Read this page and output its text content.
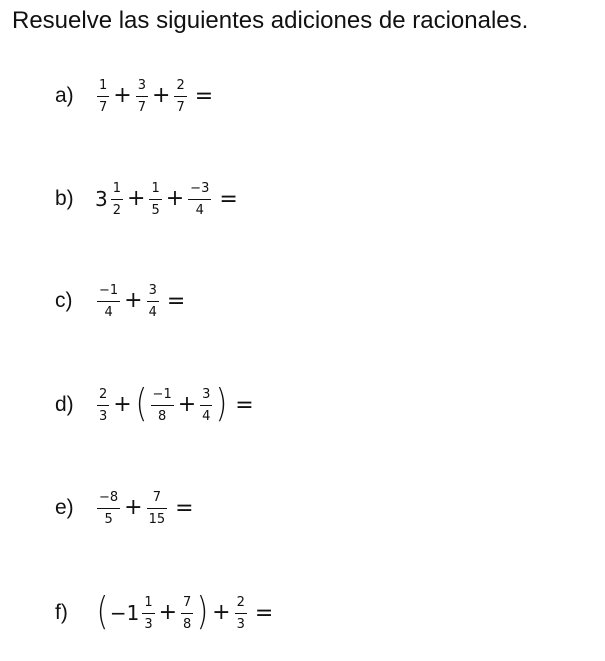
Resuelve las siguientes adiciones de racionales.
a)	$\frac{1}{7} + \frac{3}{7} + \frac{2}{7}$ =
b)	$3 \frac{1}{2} + \frac{1}{5} + \frac{-3}{4}$ =
c)	$\frac{-1}{4} + \frac{3}{4}$ =
d)	$\frac{2}{3}$ + ( $\frac{-1}{8} + \frac{3}{4}$ ) =
e)	$\frac{-8}{5} + \frac{7}{15}$ =
f) ( $-1 \frac{1}{3} + \frac{7}{8}$ ) + $\frac{2}{3}$ =
